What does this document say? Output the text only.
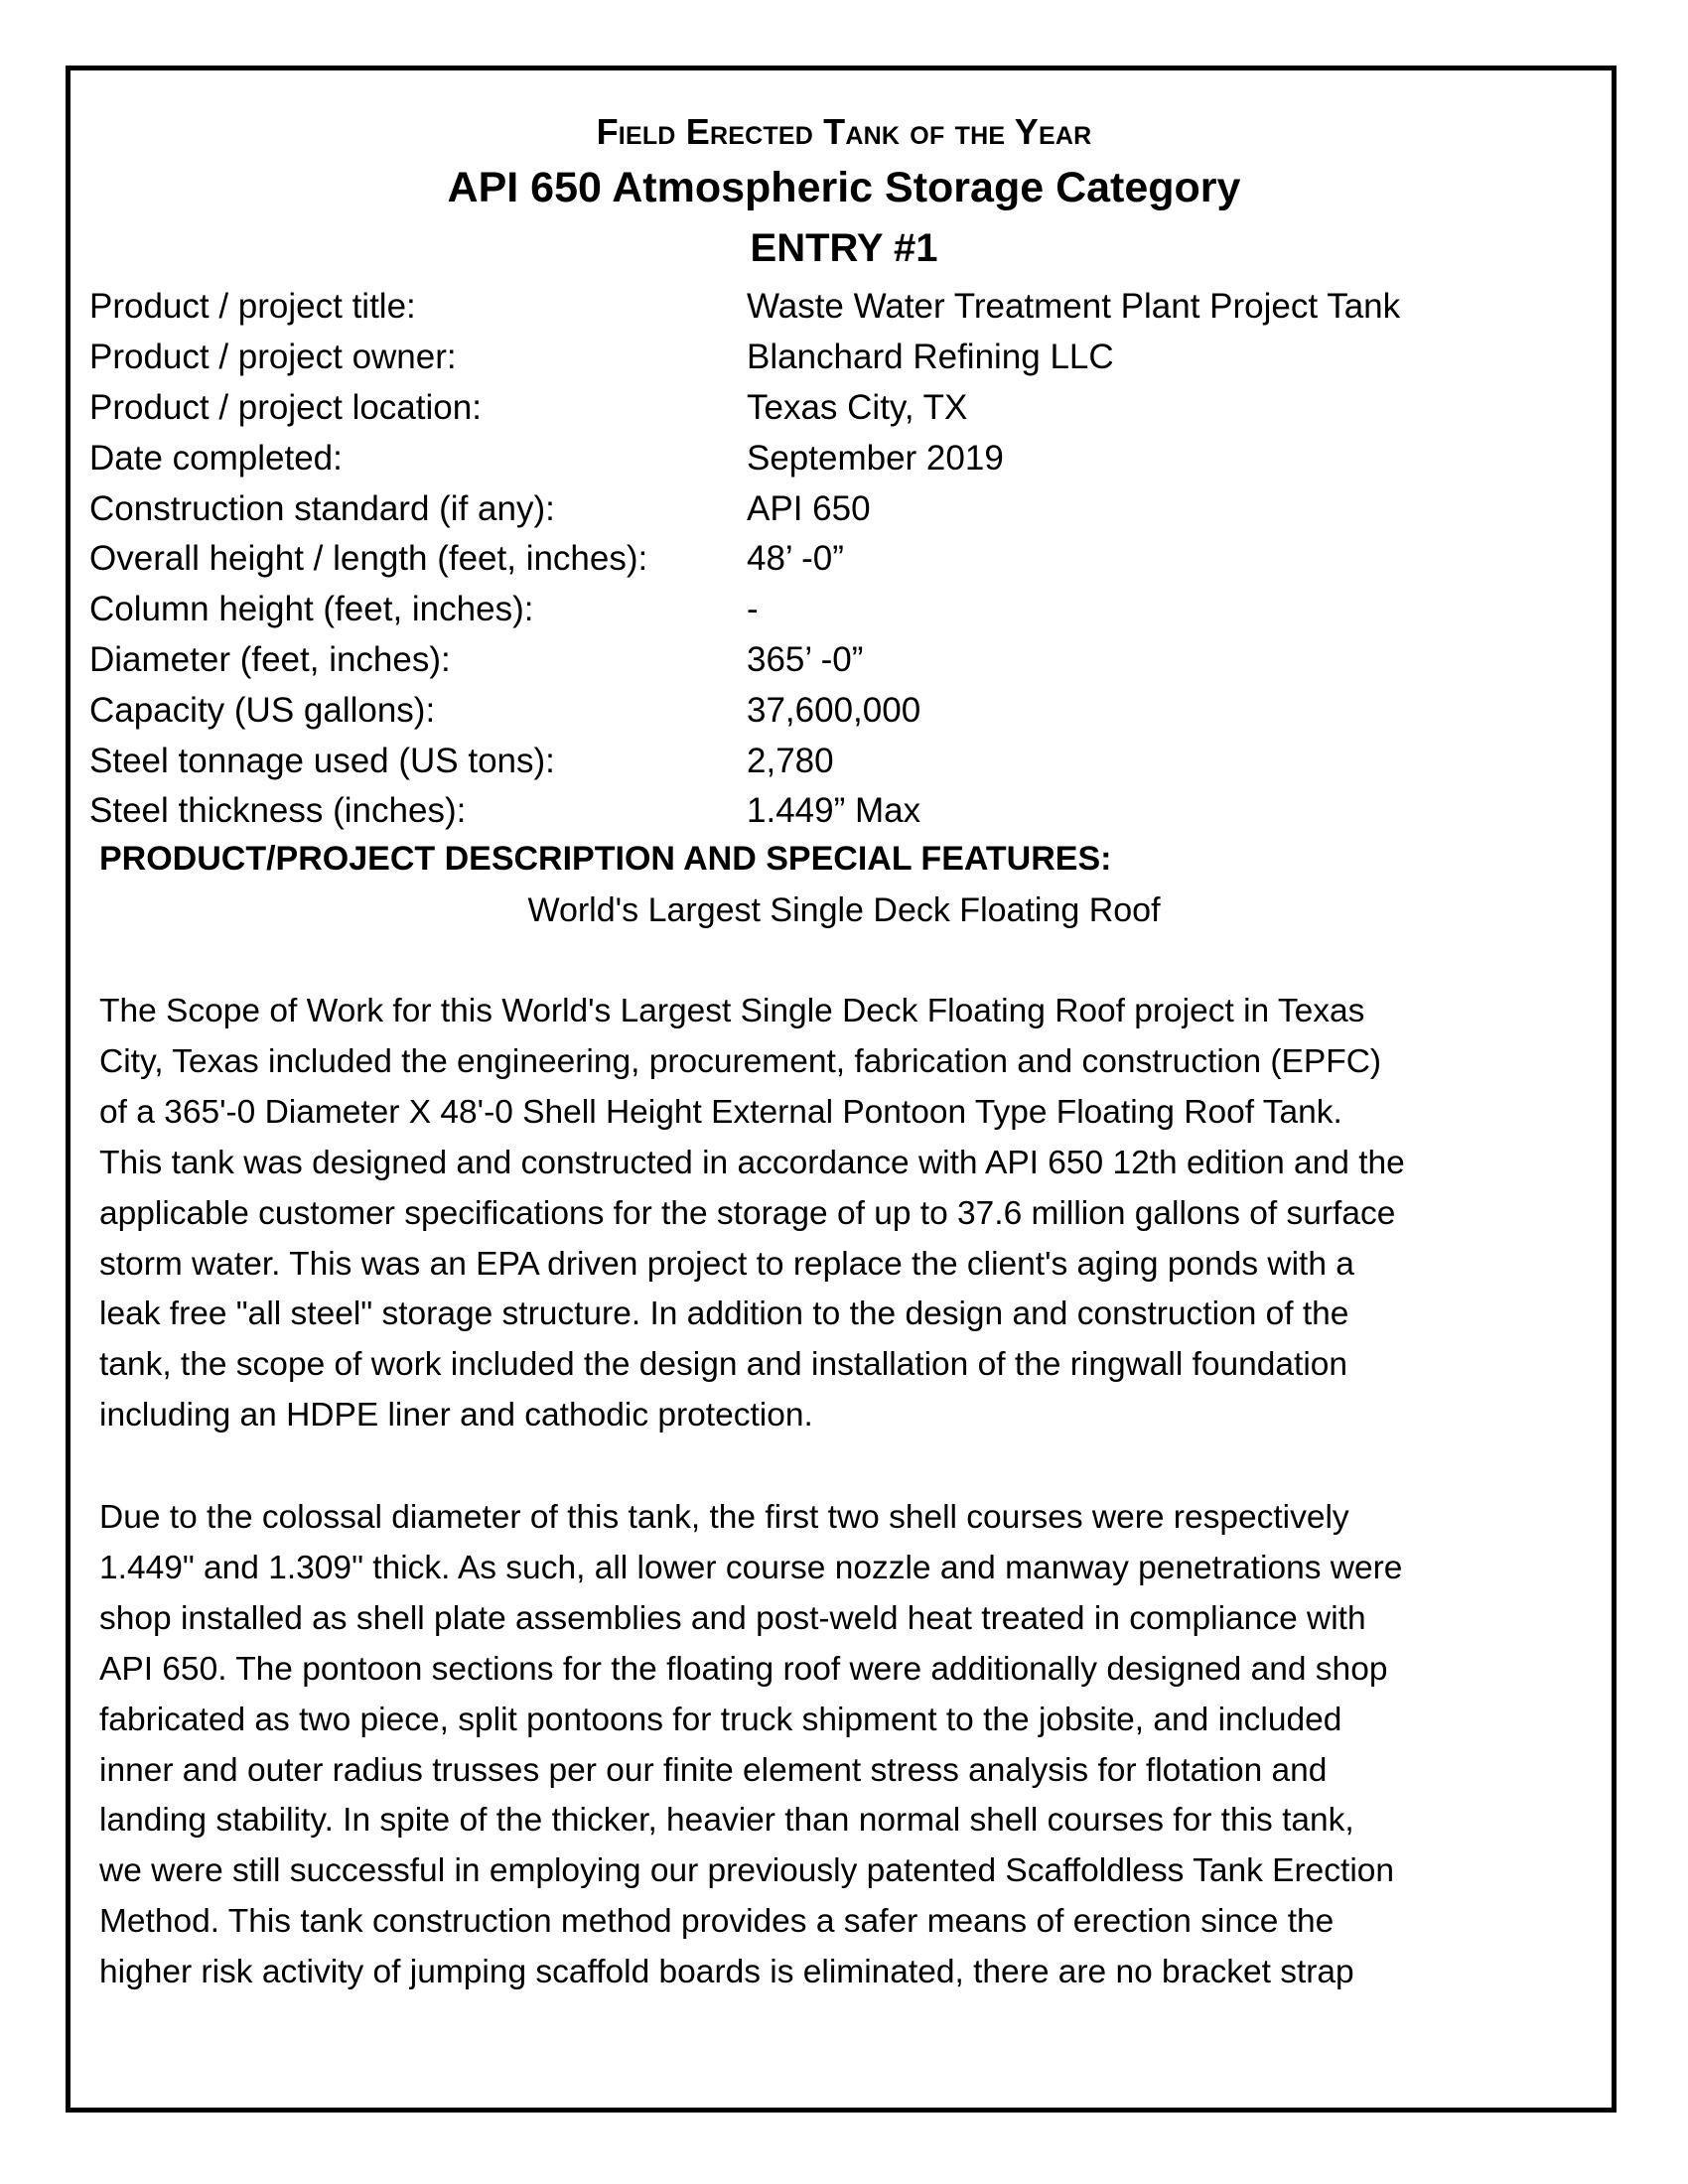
Field Erected Tank of the Year
API 650 Atmospheric Storage Category
ENTRY #1
Product / project title:	Waste Water Treatment Plant Project Tank
Product / project owner:	Blanchard Refining LLC
Product / project location:	Texas City, TX
Date completed:	September 2019
Construction standard (if any):	API 650
Overall height / length (feet, inches):	48’ -0”
Column height (feet, inches):	-
Diameter (feet, inches):	365’ -0”
Capacity (US gallons):	37,600,000
Steel tonnage used (US tons):	2,780
Steel thickness (inches):	1.449” Max
PRODUCT/PROJECT DESCRIPTION AND SPECIAL FEATURES:
World's Largest Single Deck Floating Roof

The Scope of Work for this World's Largest Single Deck Floating Roof project in Texas
City, Texas included the engineering, procurement, fabrication and construction (EPFC)
of a 365'-0 Diameter X 48'-0 Shell Height External Pontoon Type Floating Roof Tank.
This tank was designed and constructed in accordance with API 650 12th edition and the
applicable customer specifications for the storage of up to 37.6 million gallons of surface
storm water. This was an EPA driven project to replace the client's aging ponds with a
leak free "all steel" storage structure. In addition to the design and construction of the
tank, the scope of work included the design and installation of the ringwall foundation
including an HDPE liner and cathodic protection.

Due to the colossal diameter of this tank, the first two shell courses were respectively
1.449" and 1.309" thick. As such, all lower course nozzle and manway penetrations were
shop installed as shell plate assemblies and post-weld heat treated in compliance with
API 650. The pontoon sections for the floating roof were additionally designed and shop
fabricated as two piece, split pontoons for truck shipment to the jobsite, and included
inner and outer radius trusses per our finite element stress analysis for flotation and
landing stability. In spite of the thicker, heavier than normal shell courses for this tank,
we were still successful in employing our previously patented Scaffoldless Tank Erection
Method. This tank construction method provides a safer means of erection since the
higher risk activity of jumping scaffold boards is eliminated, there are no bracket strap
